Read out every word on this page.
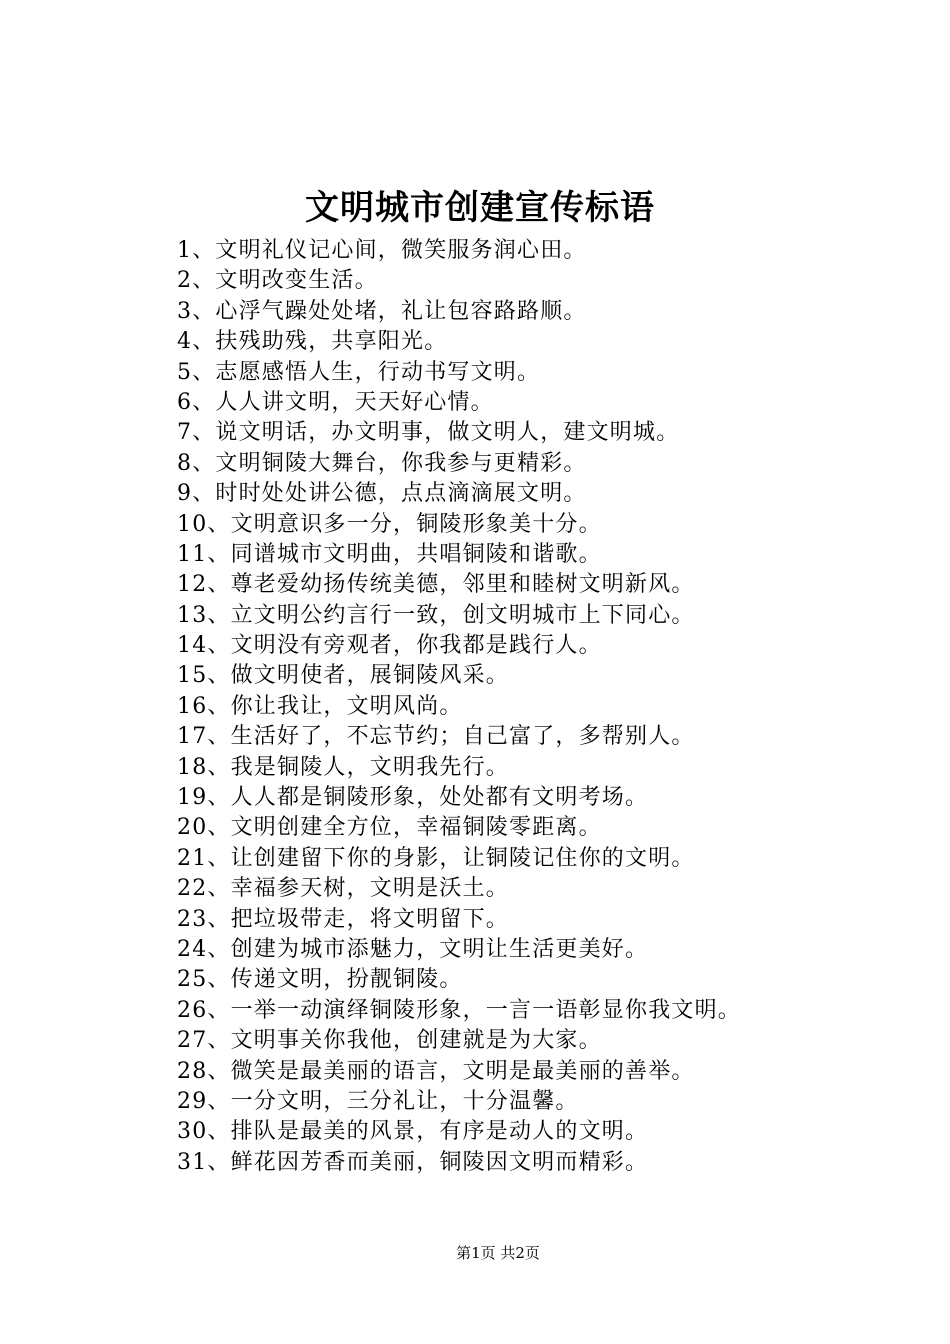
文明城市创建宣传标语
1、文明礼仪记心间，微笑服务润心田。
2、文明改变生活。
3、心浮气躁处处堵，礼让包容路路顺。
4、扶残助残，共享阳光。
5、志愿感悟人生，行动书写文明。
6、人人讲文明，天天好心情。
7、说文明话，办文明事，做文明人，建文明城。
8、文明铜陵大舞台，你我参与更精彩。
9、时时处处讲公德，点点滴滴展文明。
10、文明意识多一分，铜陵形象美十分。
11、同谱城市文明曲，共唱铜陵和谐歌。
12、尊老爱幼扬传统美德，邻里和睦树文明新风。
13、立文明公约言行一致，创文明城市上下同心。
14、文明没有旁观者，你我都是践行人。
15、做文明使者，展铜陵风采。
16、你让我让，文明风尚。
17、生活好了，不忘节约；自己富了，多帮别人。
18、我是铜陵人，文明我先行。
19、人人都是铜陵形象，处处都有文明考场。
20、文明创建全方位，幸福铜陵零距离。
21、让创建留下你的身影，让铜陵记住你的文明。
22、幸福参天树，文明是沃土。
23、把垃圾带走，将文明留下。
24、创建为城市添魅力，文明让生活更美好。
25、传递文明，扮靓铜陵。
26、一举一动演绎铜陵形象，一言一语彰显你我文明。
27、文明事关你我他，创建就是为大家。
28、微笑是最美丽的语言，文明是最美丽的善举。
29、一分文明，三分礼让，十分温馨。
30、排队是最美的风景，有序是动人的文明。
31、鲜花因芳香而美丽，铜陵因文明而精彩。
第1页 共2页
